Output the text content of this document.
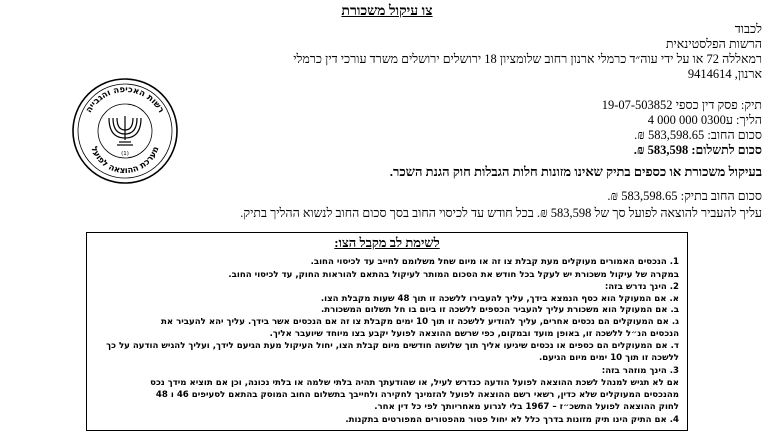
צו עיקול משכורת

לכבוד

הרשות הפלסטינאית

רמאללה 72 או על ידי עוה״ד כרמלי ארנון רחוב שלומציון 18 ירושלים ירושלים משרד עורכי דין כרמלי

ארנון, 9414614

תיק: פסק דין כספי 19-07-503852

הליך: ע0300 000 000 4

סכום החוב: 583,598.65 ₪.

סכום לתשלום: 583,598 ₪.

בעיקול משכורת או כספים בתיק שאינו מזונות חלות הגבלות חוק הגנת השכר.

סכום החוב בתיק: 583,598.65 ₪.

עליך להעביר להוצאה לפועל סך של 583,598 ₪. בכל חודש עד לכיסוי החוב בסך סכום החוב לנשוא ההליך בתיק.

רשות האכיפה והגבייה
מערכת ההוצאה לפועל
(1)
לשימת לב מקבל הצו:

1. הנכסים האמורים מעוקלים מעת קבלת צו זה או מיום שחל משלומם לחייב עד לכיסוי החוב.

במקרה של עיקול משכורת יש לעקל בכל חודש את הסכום המותר לעיקול בהתאם להוראות החוק, עד לכיסוי החוב.

2. הינך נדרש בזה:

א. אם המעוקל הוא כסף הנמצא בידך, עליך להעבירו ללשכה זו תוך 48 שעות מקבלת הצו.

ב. אם המעוקל הוא משכורת עליך להעביר הכספים ללשכה זו ביום בו חל תשלום המשכורת.

ג. אם המעוקלים הם נכסים אחרים, עליך להודיע ללשכה זו תוך 10 ימים מקבלת צו זה אם הנכסים אשר בידך. עליך יהא להעביר את

הנכסים הנ״ל ללשכה זו, באופן מועד ובמקום, כפי שרשם ההוצאה לפועל יקבע בצו מיוחד שיועבר אליך.

ד. אם המעוקלים הם כספים או נכסים שיגיעו אליך תוך שלושה חודשים מיום קבלת הצו, יחול העיקול מעת הגיעם לידך, ועליך להגיש הודעה על כך

ללשכה זו תוך 10 ימים מיום הגיעם.

3. הינך מוזהר בזה:

אם לא תגיש למנהל לשכת ההוצאה לפועל הודעה כנדרש לעיל, או שהודעתך תהיה בלתי שלמה או בלתי נכונה, וכן אם תוציא מידך נכס

מהנכסים המעוקלים שלא כדין, רשאי רשם ההוצאה לפועל להזמינך לחקירה ולחייבך בתשלום החוב המוסק בהתאם לסעיפים 46 ו 48

לחוק ההוצאה לפועל התשכ״ז – 1967 בלי לגרוע מאחריותך לפי כל דין אחר.

4. אם התיק הינו תיק מזונות בדרך כלל לא יחול פטור מהפטורים המפורטים בתקנות.
